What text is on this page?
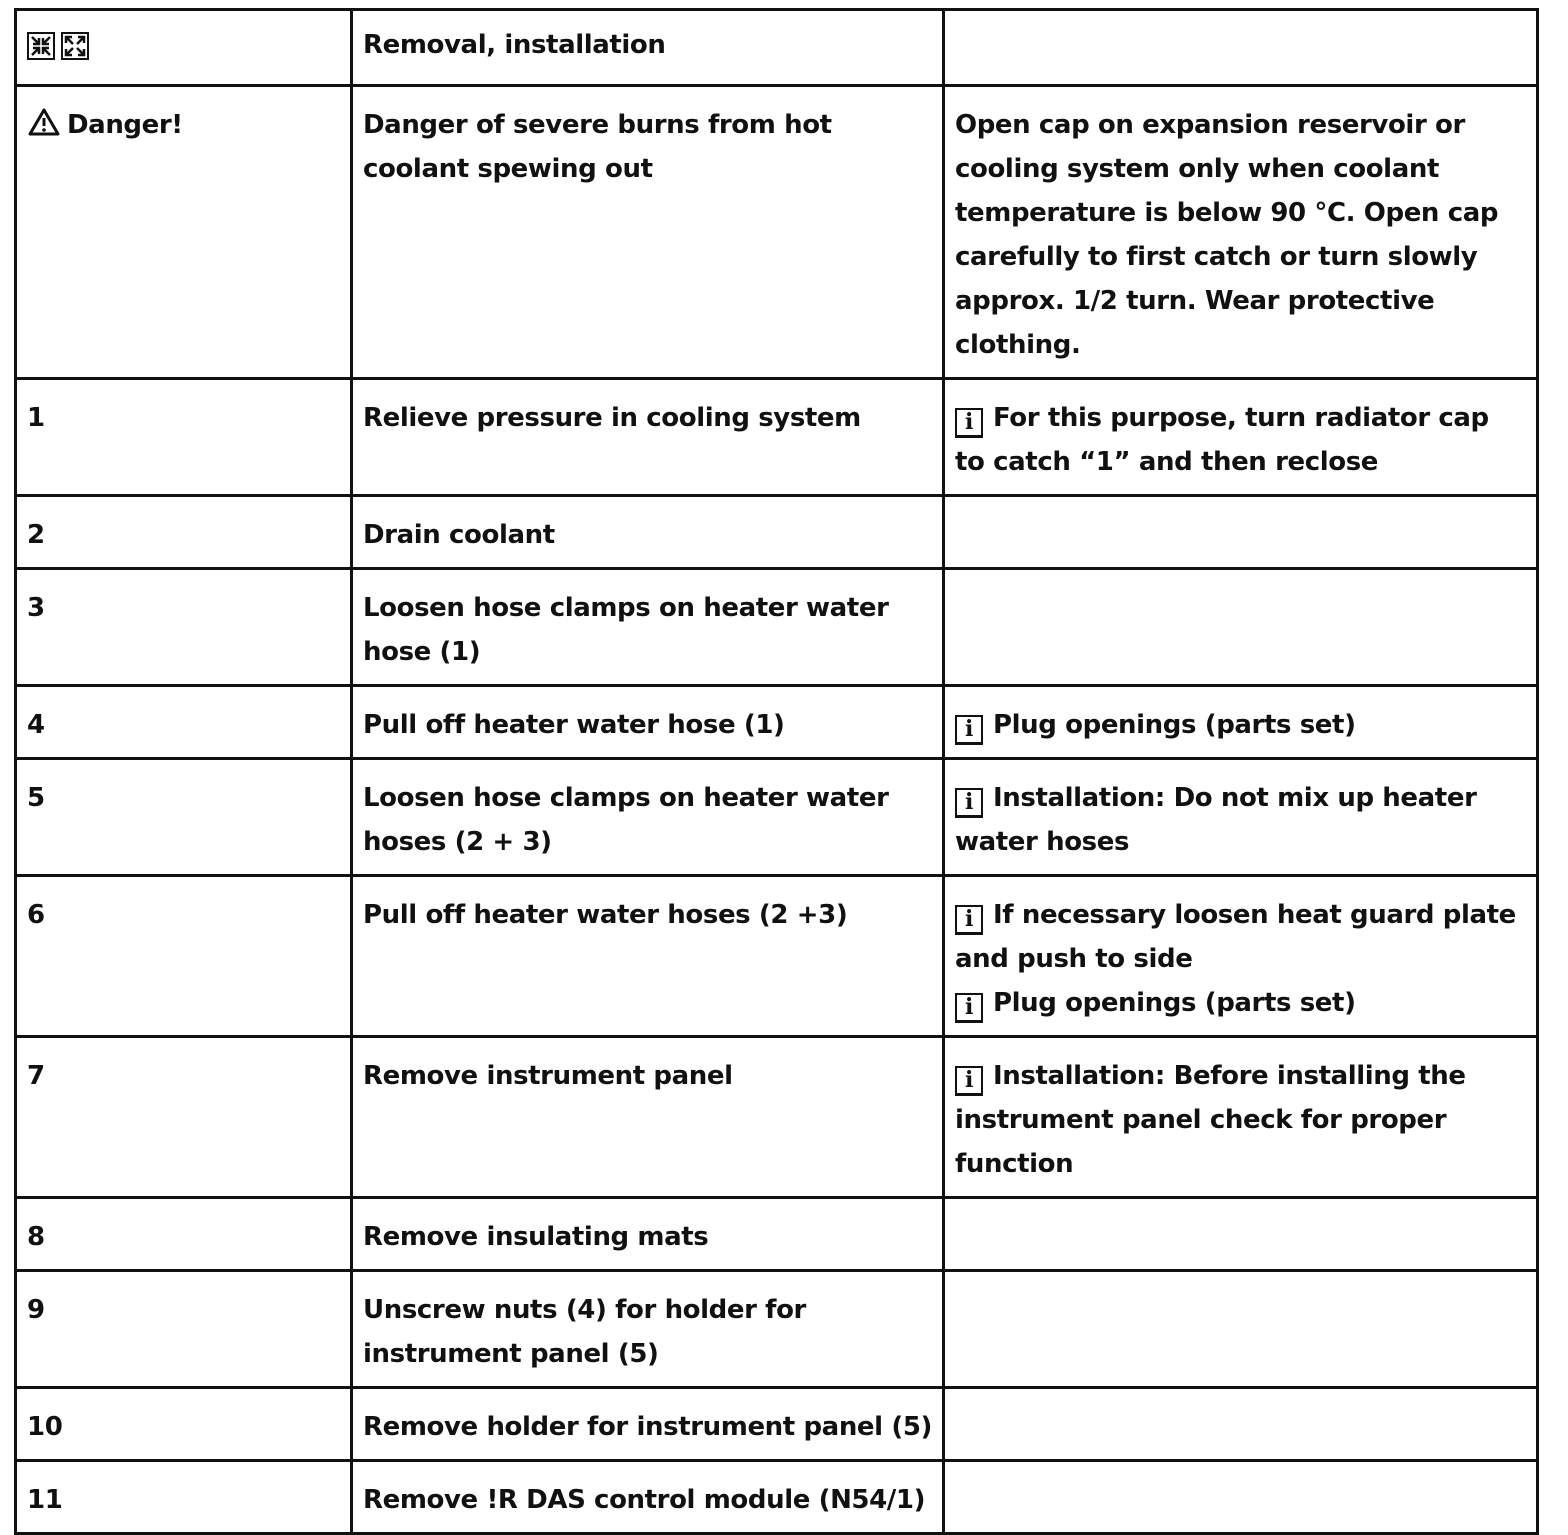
Removal, installation	

Danger!	Danger of severe burns from hot coolant spewing out	Open cap on expansion reservoir or cooling system only when coolant temperature is below 90 °C. Open cap carefully to first catch or turn slowly approx. 1/2 turn. Wear protective clothing.

1	Relieve pressure in cooling system	i For this purpose, turn radiator cap to catch “1” and then reclose

2	Drain coolant	

3	Loosen hose clamps on heater water hose (1)	

4	Pull off heater water hose (1)	i Plug openings (parts set)

5	Loosen hose clamps on heater water hoses (2 + 3)	i Installation: Do not mix up heater water hoses

6	Pull off heater water hoses (2 +3)	i If necessary loosen heat guard plate and push to side
i Plug openings (parts set)

7	Remove instrument panel	i Installation: Before installing the instrument panel check for proper function

8	Remove insulating mats	

9	Unscrew nuts (4) for holder for instrument panel (5)	

10	Remove holder for instrument panel (5)	

11	Remove !R DAS control module (N54/1)	
